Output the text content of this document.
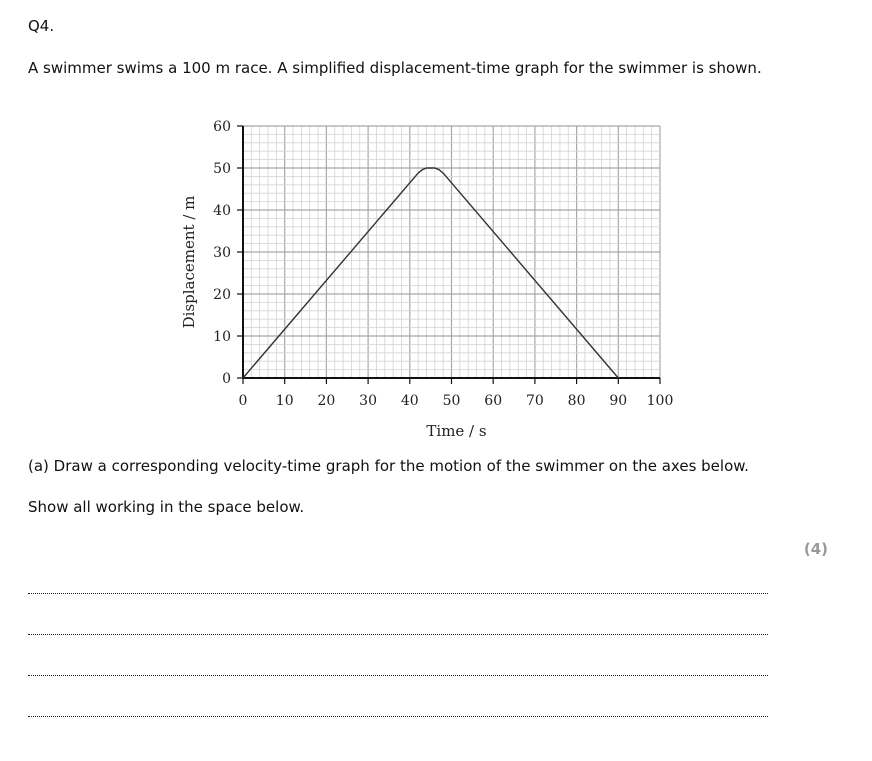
Q4.
A swimmer swims a 100 m race. A simplified displacement-time graph for the swimmer is shown.
0 10 20 30 40 50 60 70 80 90 100
0
10
20
30
40
50
60
Time / s
Displacement / m
(a) Draw a corresponding velocity-time graph for the motion of the swimmer on the axes below.
Show all working in the space below.
(4)
